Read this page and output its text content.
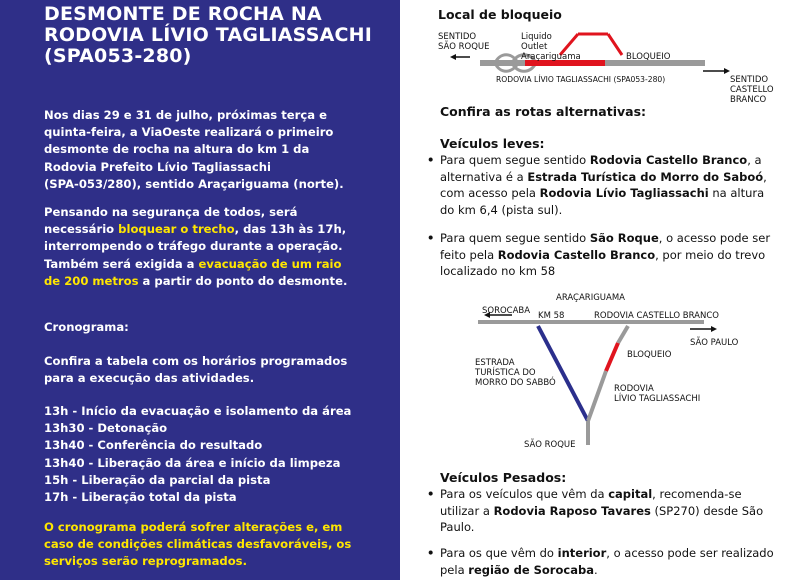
DESMONTE DE ROCHA NA
RODOVIA LÍVIO TAGLIASSACHI
(SPA053-280)
Nos dias 29 e 31 de julho, próximas terça e
quinta-feira, a ViaOeste realizará o primeiro
desmonte de rocha na altura do km 1 da
Rodovia Prefeito Lívio Tagliassachi
(SPA-053/280), sentido Araçariguama (norte).
Pensando na segurança de todos, será
necessário bloquear o trecho, das 13h às 17h,
interrompendo o tráfego durante a operação.
Também será exigida a evacuação de um raio
de 200 metros a partir do ponto do desmonte.
Cronograma:
Confira a tabela com os horários programados
para a execução das atividades.
13h - Início da evacuação e isolamento da área
13h30 - Detonação
13h40 - Conferência do resultado
13h40 - Liberação da área e início da limpeza
15h - Liberação da parcial da pista
17h - Liberação total da pista
O cronograma poderá sofrer alterações e, em
caso de condições climáticas desfavoráveis, os
serviços serão reprogramados.
Local de bloqueio
SENTIDO
SÃO ROQUE
Liquido
Outlet
Araçariguama	BLOQUEIO
RODOVIA LÍVIO TAGLIASSACHI (SPA053-280)	SENTIDO
CASTELLO
BRANCO
Confira as rotas alternativas:
Veículos leves:
• Para quem segue sentido Rodovia Castello Branco, a alternativa é a Estrada Turística do Morro do Saboó, com acesso pela Rodovia Lívio Tagliassachi na altura do km 6,4 (pista sul).
• Para quem segue sentido São Roque, o acesso pode ser feito pela Rodovia Castello Branco, por meio do trevo localizado no km 58
ARAÇARIGUAMA
SOROCABA KM 58	RODOVIA CASTELLO BRANCO
SÃO PAULO
ESTRADA
TURÍSTICA DO
MORRO DO SABBÓ
BLOQUEIO
RODOVIA
LÍVIO TAGLIASSACHI
SÃO ROQUE
Veículos Pesados:
• Para os veículos que vêm da capital, recomenda-se utilizar a Rodovia Raposo Tavares (SP270) desde São Paulo.
• Para os que vêm do interior, o acesso pode ser realizado pela região de Sorocaba.
